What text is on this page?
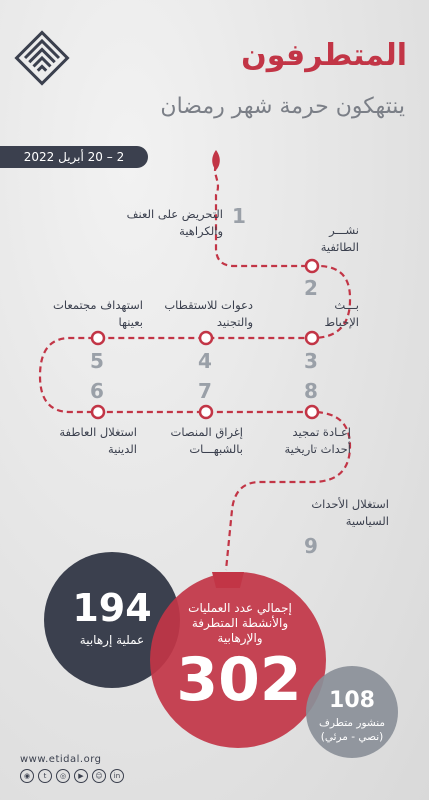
المتطرفون
ينتهكون حرمة شهر رمضان
2 – 20 أبريل 2022
التحريض على العنف
والكراهية
1
نشـــر
الطائفية
2
بـــث
الإحباط
3
دعوات للاستقطاب
والتجنيد
4
استهداف مجتمعات
بعينها
5
6
استغلال العاطفة
الدينية
7
إغراق المنصات
بالشبهـــات
8
إعـادة تمجيد
أحداث تاريخية
استغلال الأحداث
السياسية
9
194
عملية إرهابية
إجمالي عدد العمليات والأنشطة المتطرفة والإرهابية
302	108
منشور متطرف (نصي - مرئي)
www.etidal.org
◉	t	◎	▶	☺	in
